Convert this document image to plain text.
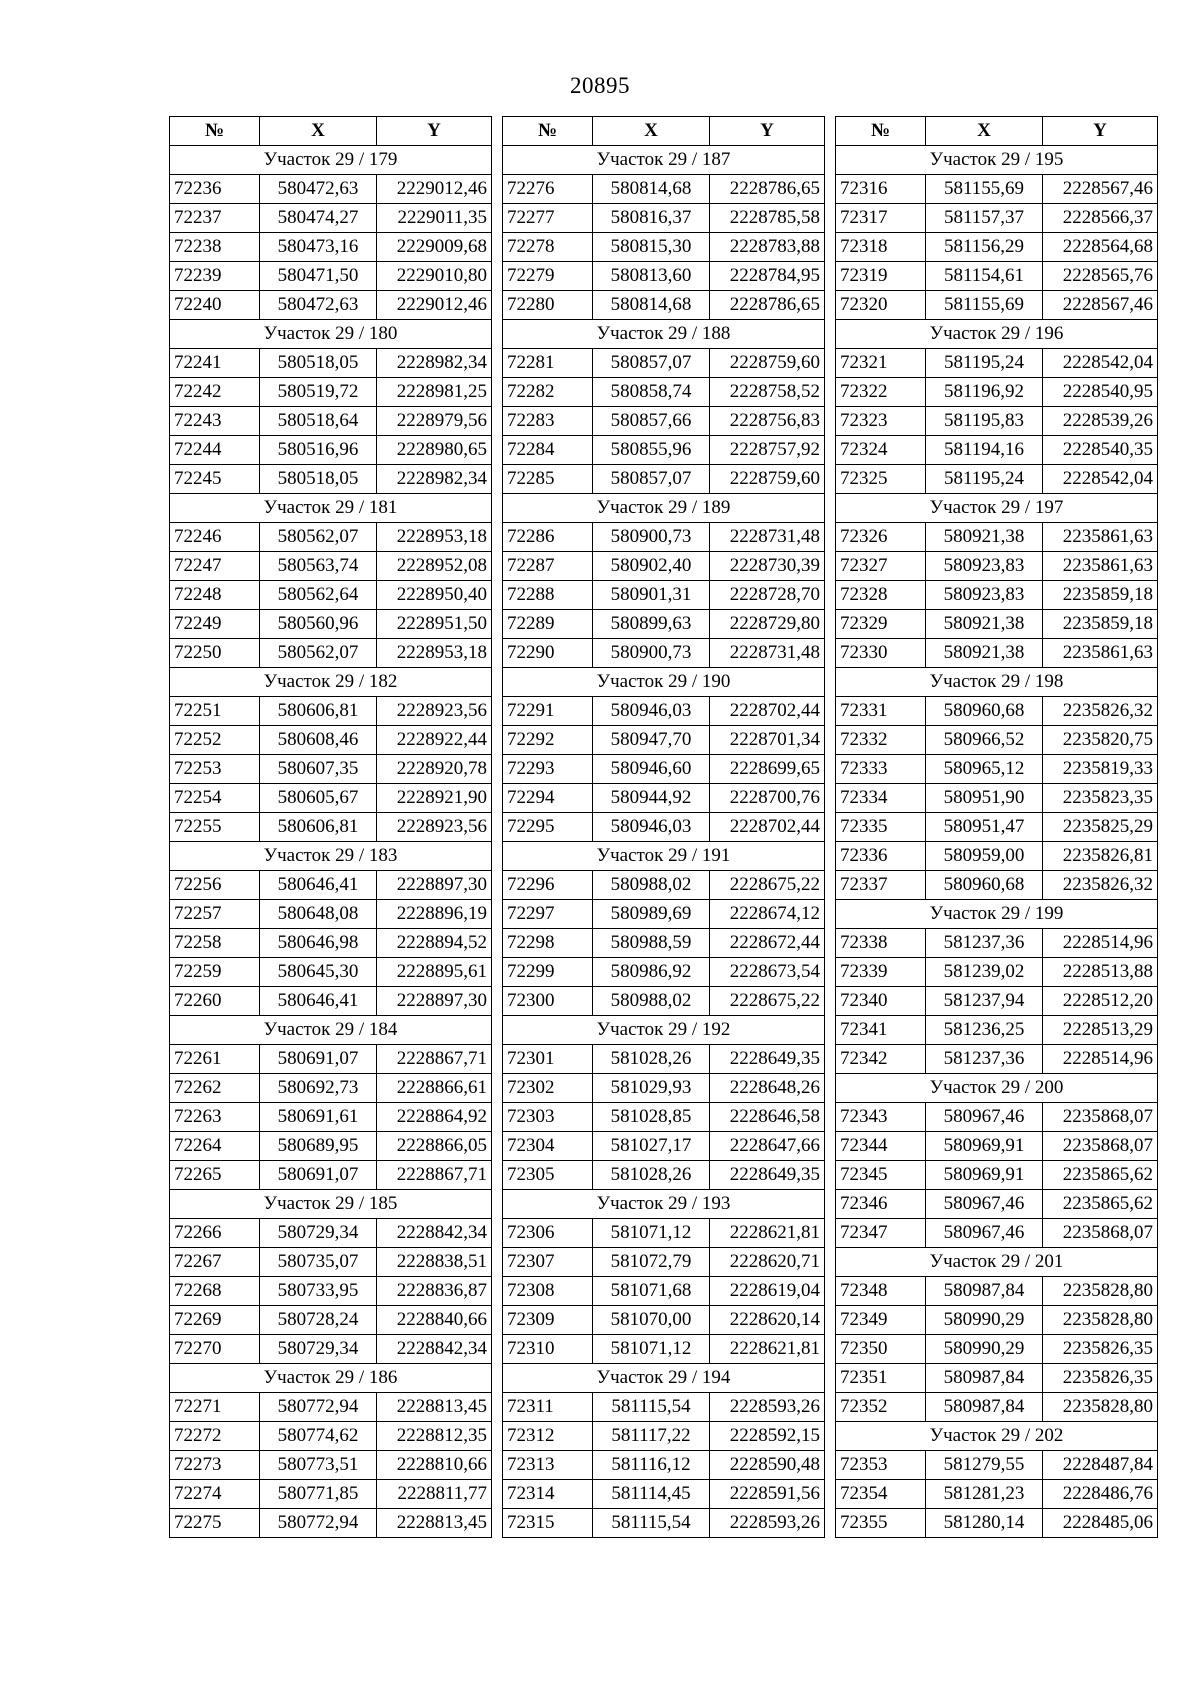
20895
№	X	Y
Участок 29 / 179		
72236	580472,63	2229012,46
72237	580474,27	2229011,35
72238	580473,16	2229009,68
72239	580471,50	2229010,80
72240	580472,63	2229012,46
Участок 29 / 180		
72241	580518,05	2228982,34
72242	580519,72	2228981,25
72243	580518,64	2228979,56
72244	580516,96	2228980,65
72245	580518,05	2228982,34
Участок 29 / 181		
72246	580562,07	2228953,18
72247	580563,74	2228952,08
72248	580562,64	2228950,40
72249	580560,96	2228951,50
72250	580562,07	2228953,18
Участок 29 / 182		
72251	580606,81	2228923,56
72252	580608,46	2228922,44
72253	580607,35	2228920,78
72254	580605,67	2228921,90
72255	580606,81	2228923,56
Участок 29 / 183		
72256	580646,41	2228897,30
72257	580648,08	2228896,19
72258	580646,98	2228894,52
72259	580645,30	2228895,61
72260	580646,41	2228897,30
Участок 29 / 184		
72261	580691,07	2228867,71
72262	580692,73	2228866,61
72263	580691,61	2228864,92
72264	580689,95	2228866,05
72265	580691,07	2228867,71
Участок 29 / 185		
72266	580729,34	2228842,34
72267	580735,07	2228838,51
72268	580733,95	2228836,87
72269	580728,24	2228840,66
72270	580729,34	2228842,34
Участок 29 / 186		
72271	580772,94	2228813,45
72272	580774,62	2228812,35
72273	580773,51	2228810,66
72274	580771,85	2228811,77
72275	580772,94	2228813,45
№	X	Y
Участок 29 / 187		
72276	580814,68	2228786,65
72277	580816,37	2228785,58
72278	580815,30	2228783,88
72279	580813,60	2228784,95
72280	580814,68	2228786,65
Участок 29 / 188		
72281	580857,07	2228759,60
72282	580858,74	2228758,52
72283	580857,66	2228756,83
72284	580855,96	2228757,92
72285	580857,07	2228759,60
Участок 29 / 189		
72286	580900,73	2228731,48
72287	580902,40	2228730,39
72288	580901,31	2228728,70
72289	580899,63	2228729,80
72290	580900,73	2228731,48
Участок 29 / 190		
72291	580946,03	2228702,44
72292	580947,70	2228701,34
72293	580946,60	2228699,65
72294	580944,92	2228700,76
72295	580946,03	2228702,44
Участок 29 / 191		
72296	580988,02	2228675,22
72297	580989,69	2228674,12
72298	580988,59	2228672,44
72299	580986,92	2228673,54
72300	580988,02	2228675,22
Участок 29 / 192		
72301	581028,26	2228649,35
72302	581029,93	2228648,26
72303	581028,85	2228646,58
72304	581027,17	2228647,66
72305	581028,26	2228649,35
Участок 29 / 193		
72306	581071,12	2228621,81
72307	581072,79	2228620,71
72308	581071,68	2228619,04
72309	581070,00	2228620,14
72310	581071,12	2228621,81
Участок 29 / 194		
72311	581115,54	2228593,26
72312	581117,22	2228592,15
72313	581116,12	2228590,48
72314	581114,45	2228591,56
72315	581115,54	2228593,26
№	X	Y
Участок 29 / 195		
72316	581155,69	2228567,46
72317	581157,37	2228566,37
72318	581156,29	2228564,68
72319	581154,61	2228565,76
72320	581155,69	2228567,46
Участок 29 / 196		
72321	581195,24	2228542,04
72322	581196,92	2228540,95
72323	581195,83	2228539,26
72324	581194,16	2228540,35
72325	581195,24	2228542,04
Участок 29 / 197		
72326	580921,38	2235861,63
72327	580923,83	2235861,63
72328	580923,83	2235859,18
72329	580921,38	2235859,18
72330	580921,38	2235861,63
Участок 29 / 198		
72331	580960,68	2235826,32
72332	580966,52	2235820,75
72333	580965,12	2235819,33
72334	580951,90	2235823,35
72335	580951,47	2235825,29
72336	580959,00	2235826,81
72337	580960,68	2235826,32
Участок 29 / 199		
72338	581237,36	2228514,96
72339	581239,02	2228513,88
72340	581237,94	2228512,20
72341	581236,25	2228513,29
72342	581237,36	2228514,96
Участок 29 / 200		
72343	580967,46	2235868,07
72344	580969,91	2235868,07
72345	580969,91	2235865,62
72346	580967,46	2235865,62
72347	580967,46	2235868,07
Участок 29 / 201		
72348	580987,84	2235828,80
72349	580990,29	2235828,80
72350	580990,29	2235826,35
72351	580987,84	2235826,35
72352	580987,84	2235828,80
Участок 29 / 202		
72353	581279,55	2228487,84
72354	581281,23	2228486,76
72355	581280,14	2228485,06
